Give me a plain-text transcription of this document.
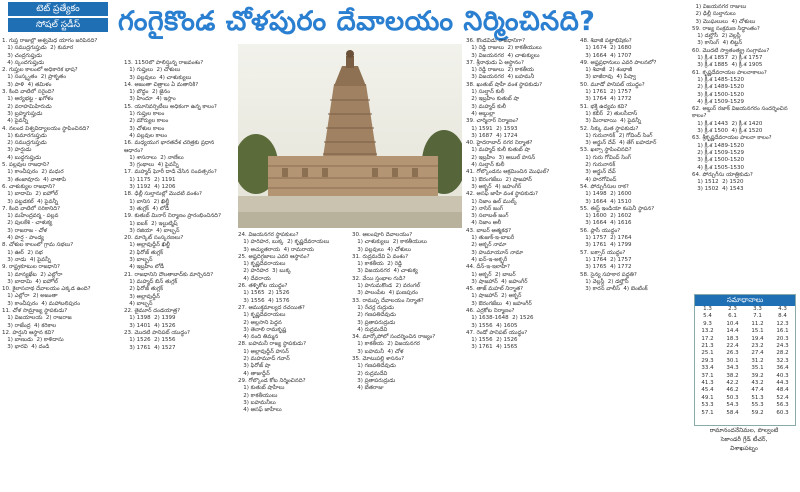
టెట్ ప్రత్యేకం
సోషల్ స్టడీస్	గంగైకొండ చోళపురం దేవాలయం నిర్మించినది?
1. గుప్త రాజుల్లో అశ్వమేధ యాగం జరిపినది?
1) సముద్రగుప్తుడు  2) కుమార
3) చంద్రగుప్తుడు
4) స్కందగుప్తుడు
2. గుప్తుల కాలంలో అధికారిక భాష?
1) సంస్కృతం  2) ప్రాకృతం
3) పాళి  4) తమిళం
3. కింది వాటిలో సరైంది?
1) ఆర్యభట్ట - ఖగోళం
2) వరాహమిహిరుడు
3) బ్రహ్మగుప్తుడు
4) పైవన్నీ
4. నలంద విశ్వవిద్యాలయం స్థాపించినది?
1) కుమారగుప్తుడు
2) సముద్రగుప్తుడు
3) హర్షుడు
4) బుద్ధగుప్తుడు
5. పల్లవుల రాజధాని?
1) కాంచీపురం  2) మధుర
3) తంజావూరు  4) వాతాపి
6. చాళుక్యుల రాజధాని?
1) బాదామి  2) ఐహోల్
3) పట్టడకల్  4) పైవన్నీ
7. కింది వాటిలో సరికానిది?
1) మహేంద్రవర్మ - పల్లవ
2) పులకేశి - చాళుక్య
3) రాజరాజ - చోళ
4) హర్ష - పాండ్య
8. చోళుల కాలంలో గ్రామ సభలు?
1) ఊర్  2) సభ
3) నాడు  4) పైవన్నీ
9. రాష్ట్రకూటుల రాజధాని?
1) మాన్యఖేట  2) ఎల్లోరా
3) బాదామి  4) ఐహోల్
10. కైలాసనాథ దేవాలయం ఎక్కడ ఉంది?
1) ఎల్లోరా  2) అజంతా
3) కాంచీపురం  4) మహాబలిపురం
11. చోళ సామ్రాజ్య స్థాపకుడు?
1) విజయాలయ  2) రాజరాజ
3) రాజేంద్ర  4) కరికాల
12. హర్షుని ఆస్థాన కవి?
1) బాణుడు  2) కాళిదాసు
3) భారవి  4) దండి
13. 1150లో పాలిస్తున్న రాజవంశం?
1) గుప్తులు  2) చోళులు
3) పల్లవులు  4) చాళుక్యులు
14. అజంతా చిత్రాలు ఏ మతానికి?
1) బౌద్ధం  2) జైనం
3) హిందూ  4) ఇస్లాం
15. యూనివర్సిటీలు అధికంగా ఉన్న కాలం?
1) గుప్తుల కాలం
2) మౌర్యుల కాలం
3) చోళుల కాలం
4) పల్లవుల కాలం
16. మధ్యయుగ భారతదేశ చరిత్రకు ప్రధాన ఆధారం?
1) శాసనాలు  2) నాణేలు
3) గ్రంథాలు  4) పైవన్నీ
17. మహ్మద్ ఘోరీ దాడి చేసిన సంవత్సరం?
1) 1175  2) 1191
3) 1192  4) 1206
18. ఢిల్లీ సుల్తానుల్లో మొదటి వంశం?
1) బానిస  2) ఖిల్జీ
3) తుగ్లక్  4) లోడీ
19. కుతుబ్ మినార్ నిర్మాణం ప్రారంభించినది?
1) ఐబక్  2) ఇల్టుట్మిష్
3) రజియా  4) బాల్బన్
20. మార్కెట్ సంస్కరణలు?
1) అల్లావుద్దీన్ ఖిల్జీ
2) ఫిరోజ్ తుగ్లక్
3) బాల్బన్
4) ఇబ్రహీం లోడీ
21. రాజధానిని దౌలతాబాద్‌కు మార్చినది?
1) మహ్మద్ బిన్ తుగ్లక్
2) ఫిరోజ్ తుగ్లక్
3) అల్లావుద్దీన్
4) బాల్బన్
22. తైమూర్ దండయాత్ర?
1) 1398  2) 1399
3) 1401  4) 1526
23. మొదటి పానిపట్ యుద్ధం?
1) 1526  2) 1556
3) 1761  4) 1527
24. విజయనగర స్థాపకులు?
1) హరిహర, బుక్క  2) కృష్ణదేవరాయలు
3) అచ్యుతరాయ  4) రామరాయ
25. అష్టదిగ్గజాలు ఎవరి ఆస్థానం?
1) కృష్ణదేవరాయలు
2) హరిహర  3) బుక్క
4) దేవరాయ
26. తళ్ళికోట యుద్ధం?
1) 1565  2) 1526
3) 1556  4) 1576
27. ఆముక్తమాల్యద రచయిత?
1) కృష్ణదేవరాయలు
2) అల్లసాని పెద్దన
3) తెనాలి రామకృష్ణ
4) నంది తిమ్మన
28. బహమనీ రాజ్య స్థాపకుడు?
1) అల్లావుద్దీన్ హసన్
2) మహమూద్ గవాన్
3) ఫిరోజ్ షా
4) తాజుద్దీన్
29. గోల్కొండ కోట నిర్మించినది?
1) కుతుబ్ షాహీలు
2) కాకతీయులు
3) బహమనీలు
4) ఆసఫ్ జాహీలు
30. ఆలంపూర్ దేవాలయం?
1) చాళుక్యులు  2) కాకతీయులు
3) పల్లవులు  4) చోళులు
31. రుద్రమదేవి ఏ వంశం?
1) కాకతీయ  2) రెడ్డి
3) విజయనగర  4) చాళుక్య
32. వేయి స్తంభాల గుడి?
1) హనుమకొండ  2) వరంగల్
3) పాలంపేట  4) ఘణపురం
33. రామప్ప దేవాలయం నిర్మాత?
1) రేచర్ల రుద్రుడు
2) గణపతిదేవుడు
3) ప్రతాపరుద్రుడు
4) రుద్రమదేవి
34. మార్కోపోలో సందర్శించిన రాజ్యం?
1) కాకతీయ  2) విజయనగర
3) బహమనీ  4) చోళ
35. మోటుపల్లి శాసనం?
1) గణపతిదేవుడు
2) రుద్రమదేవి
3) ప్రతాపరుద్రుడు
4) బేతరాజు
36. కొండవీడు రాజధానిగా?
1) రెడ్డి రాజులు  2) కాకతీయులు
3) విజయనగర  4) చాళుక్యులు
37. శ్రీనాథుడు ఏ ఆస్థానం?
1) రెడ్డి రాజులు  2) కాకతీయ
3) విజయనగర  4) బహమనీ
38. ఖుతుబ్ షాహీ వంశ స్థాపకుడు?
1) సుల్తాన్ కులీ
2) ఇబ్రహీం కుతుబ్ షా
3) మహ్మద్ కులీ
4) అబ్దుల్లా
39. చార్మినార్ నిర్మాణం?
1) 1591  2) 1593
3) 1687  4) 1724
40. హైదరాబాద్ నగర నిర్మాత?
1) మహ్మద్ కులీ కుతుబ్ షా
2) ఇబ్రహీం  3) అబుల్ హసన్
4) సుల్తాన్ కులీ
41. గోల్కొండను ఆక్రమించిన మొఘల్?
1) ఔరంగజేబు  2) షాజహాన్
3) అక్బర్  4) జహంగీర్
42. అసఫ్ జాహీ వంశ స్థాపకుడు?
1) నిజాం ఉల్ ముల్క్
2) నాసిర్ జంగ్
3) సలాబత్ జంగ్
4) నిజాం అలీ
43. బాబర్ ఆత్మకథ?
1) తుజుక్-ఇ-బాబరీ
2) అక్బర్ నామా
3) హుమాయూన్ నామా
4) ఐన్-ఇ-అక్బరీ
44. దీన్-ఇ-ఇలాహీ?
1) అక్బర్  2) బాబర్
3) షాజహాన్  4) జహంగీర్
45. తాజ్ మహల్ నిర్మాత?
1) షాజహాన్  2) అక్బర్
3) ఔరంగజేబు  4) జహంగీర్
46. ఎర్రకోట నిర్మాణం?
1) 1638-1648  2) 1526
3) 1556  4) 1605
47. రెండో పానిపట్ యుద్ధం?
1) 1556  2) 1526
3) 1761  4) 1565
48. శివాజీ పట్టాభిషేకం?
1) 1674  2) 1680
3) 1664  4) 1707
49. అష్టప్రధానులు ఎవరి పాలనలో?
1) శివాజీ  2) శంభాజీ
3) బాజీరావు  4) పీష్వా
50. మూడో పానిపట్ యుద్ధం?
1) 1761  2) 1757
3) 1764  4) 1772
51. భక్తి ఉద్యమ కవి?
1) కబీర్  2) తులసీదాస్
3) మీరాబాయి  4) పైవన్నీ
52. సిక్కు మత స్థాపకుడు?
1) గురునానక్  2) గోవింద్ సింగ్
3) అర్జున్ దేవ్  4) తేగ్ బహదూర్
53. ఖల్సా స్థాపించినది?
1) గురు గోవింద్ సింగ్
2) గురునానక్
3) అర్జున్ దేవ్
4) హరగోవింద్
54. పోర్చుగీసుల రాక?
1) 1498  2) 1600
3) 1664  4) 1510
55. ఈస్ట్ ఇండియా కంపెనీ స్థాపన?
1) 1600  2) 1602
3) 1664  4) 1616
56. ప్లాసీ యుద్ధం?
1) 1757  2) 1764
3) 1761  4) 1799
57. బక్సార్ యుద్ధం?
1) 1764  2) 1757
3) 1765  4) 1772
58. సైన్య సహకార పద్ధతి?
1) వెల్లస్లీ  2) డల్హౌసీ
3) కారన్ వాలీస్  4) బెంటింక్
1) విజయనగర రాజులు
2) ఢిల్లీ సుల్తానులు
3) మొఘలులు  4) చోళులు
59. రాజ్య సంక్రమణ సిద్ధాంతం?
1) డల్హౌసీ  2) వెల్లస్లీ
3) కానింగ్  4) లిట్టన్
60. మొదటి స్వాతంత్య్ర సంగ్రామం?
1) క్రీ.శ 1857  2) క్రీ.శ 1757
3) క్రీ.శ 1885  4) క్రీ.శ 1905
61. కృష్ణదేవరాయల పాలనాకాలం?
1) క్రీ.శ 1485-1520
2) క్రీ.శ 1489-1520
3) క్రీ.శ 1500-1520
4) క్రీ.శ 1509-1529
62. అబ్దుర్ రజాక్ విజయనగరం సందర్శించిన కాలం?
1) క్రీ.శ 1443  2) క్రీ.శ 1420
3) క్రీ.శ 1500  4) క్రీ.శ 1520
63. శ్రీకృష్ణదేవరాయల పాలనా కాలం?
1) క్రీ.శ 1489-1520
2) క్రీ.శ 1509-1529
3) క్రీ.శ 1500-1520
4) క్రీ.శ 1505-1530
64. పోర్చుగీసు యాత్రికుడు?
1) 1512  2) 1520
3) 1502  4) 1543
సమాధానాలు
1.3	2.3	3.3	4.3
5.4	6.1	7.1	8.4
9.3	10.4	11.2	12.3
13.2	14.4	15.1	16.1
17.2	18.3	19.4	20.3
21.3	22.4	23.2	24.3
25.1	26.3	27.4	28.2
29.3	30.1	31.2	32.3
33.4	34.3	35.1	36.4
37.1	38.2	39.2	40.3
41.3	42.2	43.2	44.3
45.4	46.2	47.4	48.4
49.1	50.3	51.3	52.4
53.3	54.3	55.3	56.3
57.1	58.4	59.2	60.3
రామానందనేనిమల, పొల్వంటి
సెకాండరీ గ్రేడ్ టీచర్,
విశాఖపట్నం
